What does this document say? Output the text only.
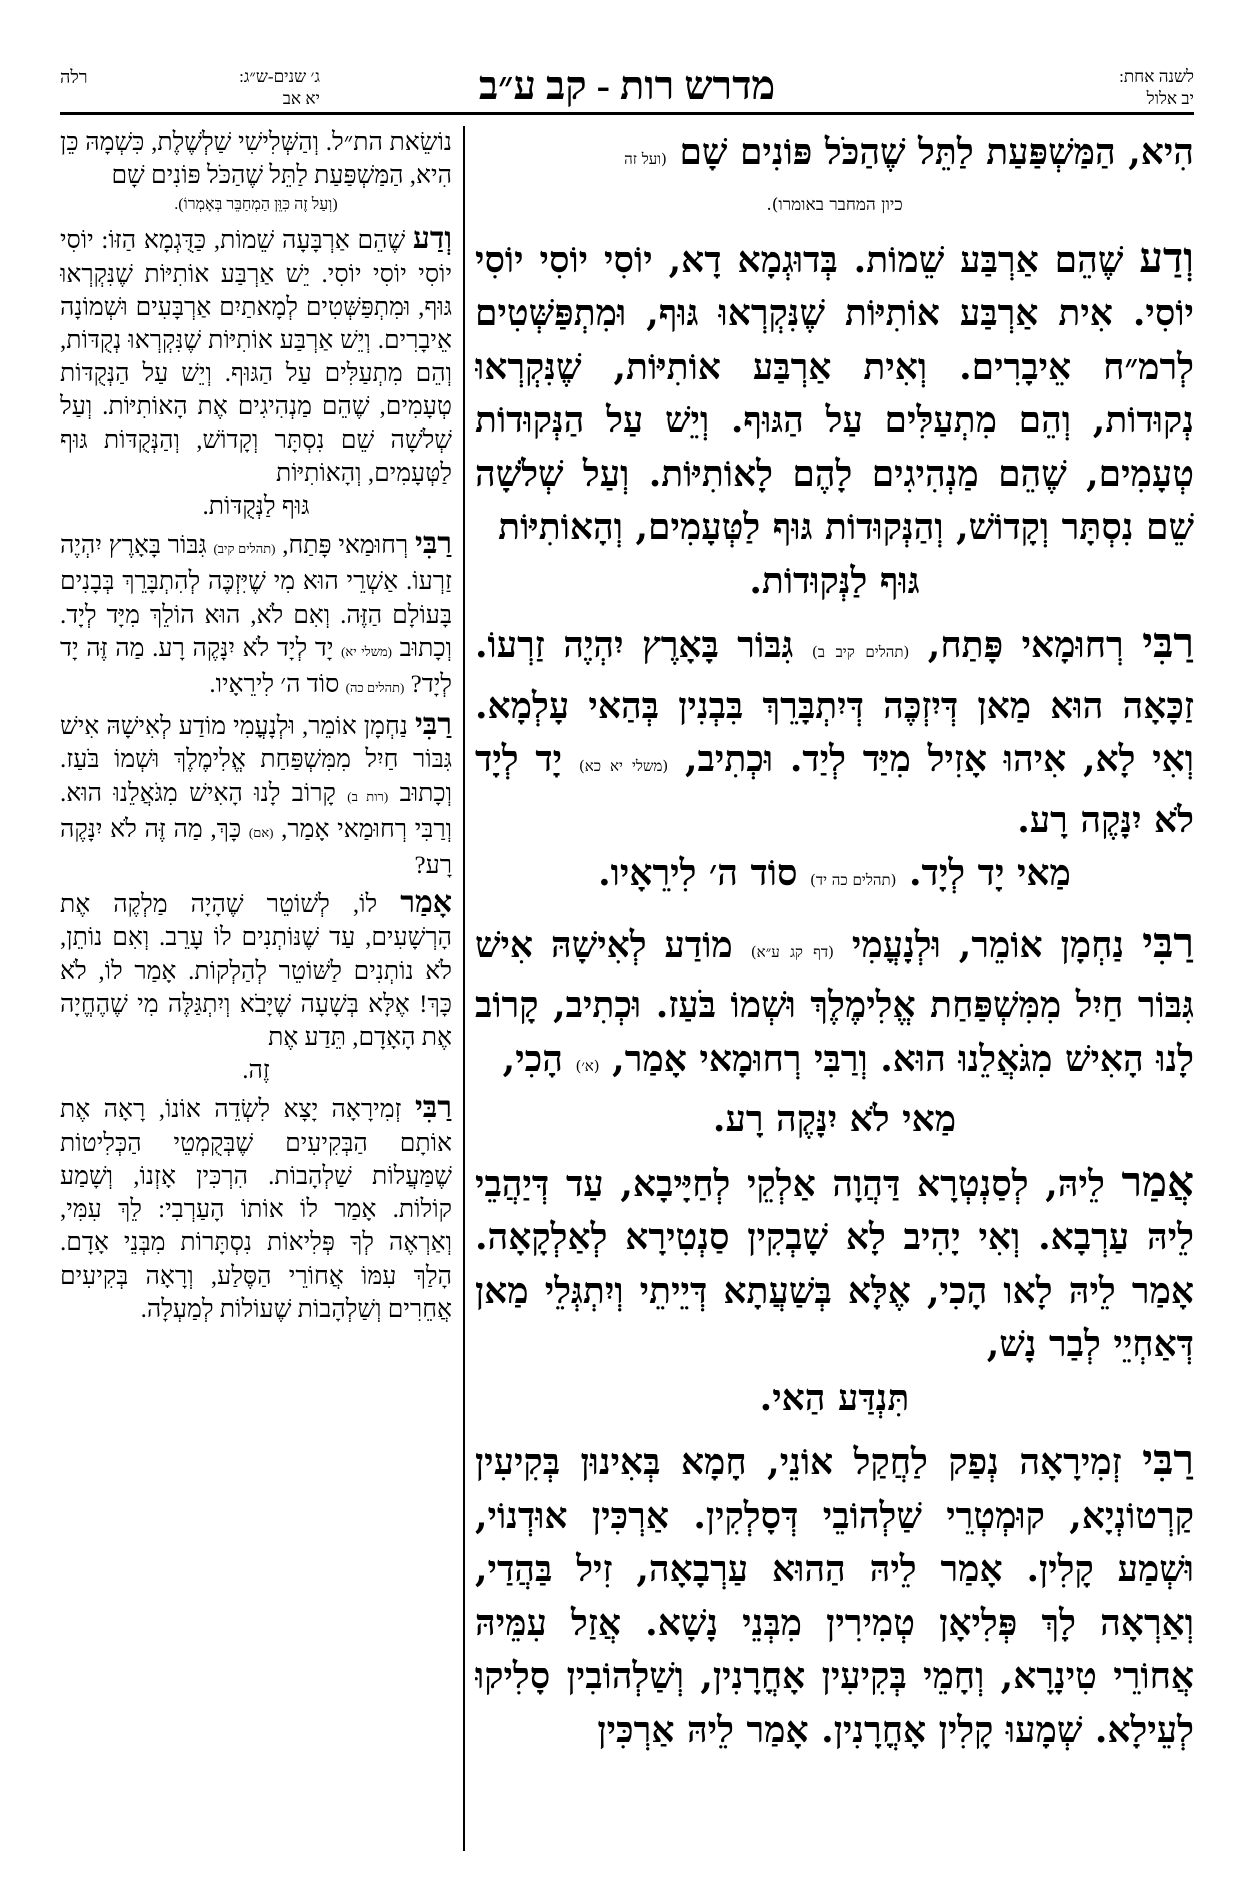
לשנה אחת:
יב אלול
מדרש רות - קב ע״ב
רלה	ג׳ שנים-ש״ג:
יא אב

הִיא, הַמַּשְׁפַּעַת לַתֵּל שֶׁהַכֹּל פּוֹנִים שָׁם (ועל זה
כיון המחבר באומרו).

וְדַע שֶׁהֵם אַרְבַּע שֵׁמוֹת. בְּדוּגְמָא דָא, יוֹסִי יוֹסִי יוֹסִי יוֹסִי. אִית אַרְבַּע אוֹתִיּוֹת שֶׁנִּקְרְאוּ גּוּף, וּמִתְפַּשְּׁטִים לְרמ״ח אֵיבָרִים. וְאִית אַרְבַּע אוֹתִיּוֹת, שֶׁנִּקְרְאוּ נְקוּדוֹת, וְהֵם מִתְעַלִּים עַל הַגּוּף. וְיֵשׁ עַל הַנְּקוּדוֹת טְעָמִים, שֶׁהֵם מַנְהִיגִים לָהֶם לָאוֹתִיּוֹת. וְעַל שְׁלֹשָׁה שֵׁם נִסְתָּר וְקָדוֹשׁ, וְהַנְּקוּדוֹת גּוּף לַטְּעָמִים, וְהָאוֹתִיּוֹת
גּוּף לַנְּקוּדוֹת.

רַבִּי רְחוּמָאי פָּתַח, (תהלים קיב ב) גִּבּוֹר בָּאָרֶץ יִהְיֶה זַרְעוֹ. זַכָּאָה הוּא מַאן דְּיִזְכֶּה דְּיִתְבָּרֵךְ בִּבְנִין בְּהַאי עָלְמָא. וְאִי לָא, אִיהוּ אָזִיל מִיַּד לְיַד. וּכְתִיב, (משלי יא כא) יָד לְיָד לֹא יִנָּקֶה רָע.
מַאי יָד לְיָד. (תהלים כה יד) סוֹד ה׳ לִירֵאָיו.

רַבִּי נַחְמָן אוֹמֵר, וּלְנָעֳמִי (דף קג ע״א) מוֹדַע לְאִישָׁהּ אִישׁ גִּבּוֹר חַיִל מִמִּשְׁפַּחַת אֱלִימֶלֶךְ וּשְׁמוֹ בֹּעַז. וּכְתִיב, קָרוֹב לָנוּ הָאִישׁ מִגֹּאֲלֵנוּ הוּא. וְרַבִּי רְחוּמָאי אָמַר, (א׳) הָכִי,
מַאי לֹא יִנָּקֶה רָע.

אֲמַר לֵיהּ, לְסַנְטְרָא דַּהֲוָה אַלְקֵי לְחַיָּיבָא, עַד דְּיַהֲבֵי לֵיהּ עַרְבָא. וְאִי יָהִיב לָא שָׁבְקִין סַנְטִירָא לְאַלְקָאָה. אָמַר לֵיהּ לָאו הָכִי, אֶלָּא בְּשַׁעֲתָא דְּיֵיתֵי וְיִתְגְּלֵי מַאן דְּאַחְיֵי לְבַר נָשׁ,
תִּנְדַּע הַאי.

רַבִּי זְמִירָאָה נְפַק לַחֲקַל אוֹנֵי, חָמָא בְּאִינוּן בְּקִיעִין קַרְטוֹנְיָא, קוּמְטְרֵי שַׁלְהוֹבֵי דְּסָלְקִין. אַרְכִּין אוּדְנוֹי, וּשְׁמַע קָלִין. אָמַר לֵיהּ הַהוּא עַרְבָאָה, זִיל בַּהֲדַי, וְאַרְאָה לָךְ פְּלִיאָן טְמִירִין מִבְּנֵי נָשָׁא. אֲזַל עִמֵּיהּ אֲחוֹרֵי טִינָרָא, וְחָמֵי בְּקִיעִין אָחֳרָנִין, וְשַׁלְהוֹבִין סָלִיקוּ לְעֵילָא. שְׁמָעוּ קָלִין אָחֳרָנִין. אָמַר לֵיהּ אַרְכִּין

נוֹשֵׂאת הת״ל. וְהַשְּׁלִישִׁי שַׁלְשֶׁלֶת, כִּשְׁמָהּ כֵּן הִיא, הַמַּשְׁפַּעַת לַתֵּל שֶׁהַכֹּל פּוֹנִים שָׁם
(וְעַל זֶה כִּוֵּן הַמְחַבֵּר בְּאָמְרוֹ).

וְדַע שֶׁהֵם אַרְבָּעָה שֵׁמוֹת, כַּדֻּגְמָא הַזּוֹ: יוֹסִי יוֹסִי יוֹסִי יוֹסִי. יֵשׁ אַרְבַּע אוֹתִיּוֹת שֶׁנִּקְרְאוּ גּוּף, וּמִתְפַּשְּׁטִים לְמָאתַיִם אַרְבָּעִים וּשְׁמוֹנָה אֵיבָרִים. וְיֵשׁ אַרְבַּע אוֹתִיּוֹת שֶׁנִּקְרְאוּ נְקֻדּוֹת, וְהֵם מִתְעַלִּים עַל הַגּוּף. וְיֵשׁ עַל הַנְּקֻדּוֹת טְעָמִים, שֶׁהֵם מַנְהִיגִים אֶת הָאוֹתִיּוֹת. וְעַל שְׁלֹשָׁה שֵׁם נִסְתָּר וְקָדוֹשׁ, וְהַנְּקֻדּוֹת גּוּף לַטְּעָמִים, וְהָאוֹתִיּוֹת
גּוּף לַנְּקֻדּוֹת.

רַבִּי רְחוּמַאי פָּתַח, (תהלים קיב) גִּבּוֹר בָּאָרֶץ יִהְיֶה זַרְעוֹ. אַשְׁרֵי הוּא מִי שֶׁיִּזְכֶּה לְהִתְבָּרֵךְ בְּבָנִים בָּעוֹלָם הַזֶּה. וְאִם לֹא, הוּא הוֹלֵךְ מִיָּד לְיָד. וְכָתוּב (משלי יא) יָד לְיָד לֹא יִנָּקֶה רָע. מַה זֶּה יָד לְיָד? (תהלים כה) סוֹד ה׳ לִירֵאָיו.

רַבִּי נַחְמָן אוֹמֵר, וּלְנָעֳמִי מוֹדַע לְאִישָׁהּ אִישׁ גִּבּוֹר חַיִל מִמִּשְׁפַּחַת אֱלִימֶלֶךְ וּשְׁמוֹ בֹּעַז. וְכָתוּב (רות ב) קָרוֹב לָנוּ הָאִישׁ מִגֹּאֲלֵנוּ הוּא. וְרַבִּי רְחוּמַאי אָמַר, (אם) כָּךְ, מַה זֶּה לֹא יִנָּקֶה רָע?

אָמַר לוֹ, לְשׁוֹטֵר שֶׁהָיָה מַלְקֶה אֶת הָרְשָׁעִים, עַד שֶׁנּוֹתְנִים לוֹ עָרֵב. וְאִם נוֹתֵן, לֹא נוֹתְנִים לַשּׁוֹטֵר לְהַלְקוֹת. אָמַר לוֹ, לֹא כָּךְ! אֶלָּא בְּשָׁעָה שֶׁיָּבֹא וְיִתְגַּלֶּה מִי שֶׁהֶחֱיָה אֶת הָאָדָם, תֵּדַע אֶת
זֶה.

רַבִּי זְמִירָאָה יָצָא לִשְׂדֵה אוֹנוֹ, רָאָה אֶת אוֹתָם הַבְּקִיעִים שֶׁבְּקֻמְטֵי הַכְּלִיטוֹת שֶׁמַּעֲלוֹת שַׁלְהָבוֹת. הִרְכִּין אָזְנוֹ, וְשָׁמַע קוֹלוֹת. אָמַר לוֹ אוֹתוֹ הָעַרְבִי: לֵךְ עִמִּי, וְאַרְאֶה לְךָ פְּלִיאוֹת נִסְתָּרוֹת מִבְּנֵי אָדָם. הָלַךְ עִמּוֹ אֲחוֹרֵי הַסֶּלַע, וְרָאָה בְּקִיעִים אֲחֵרִים וְשַׁלְהָבוֹת שֶׁעוֹלוֹת לְמַעְלָה.
